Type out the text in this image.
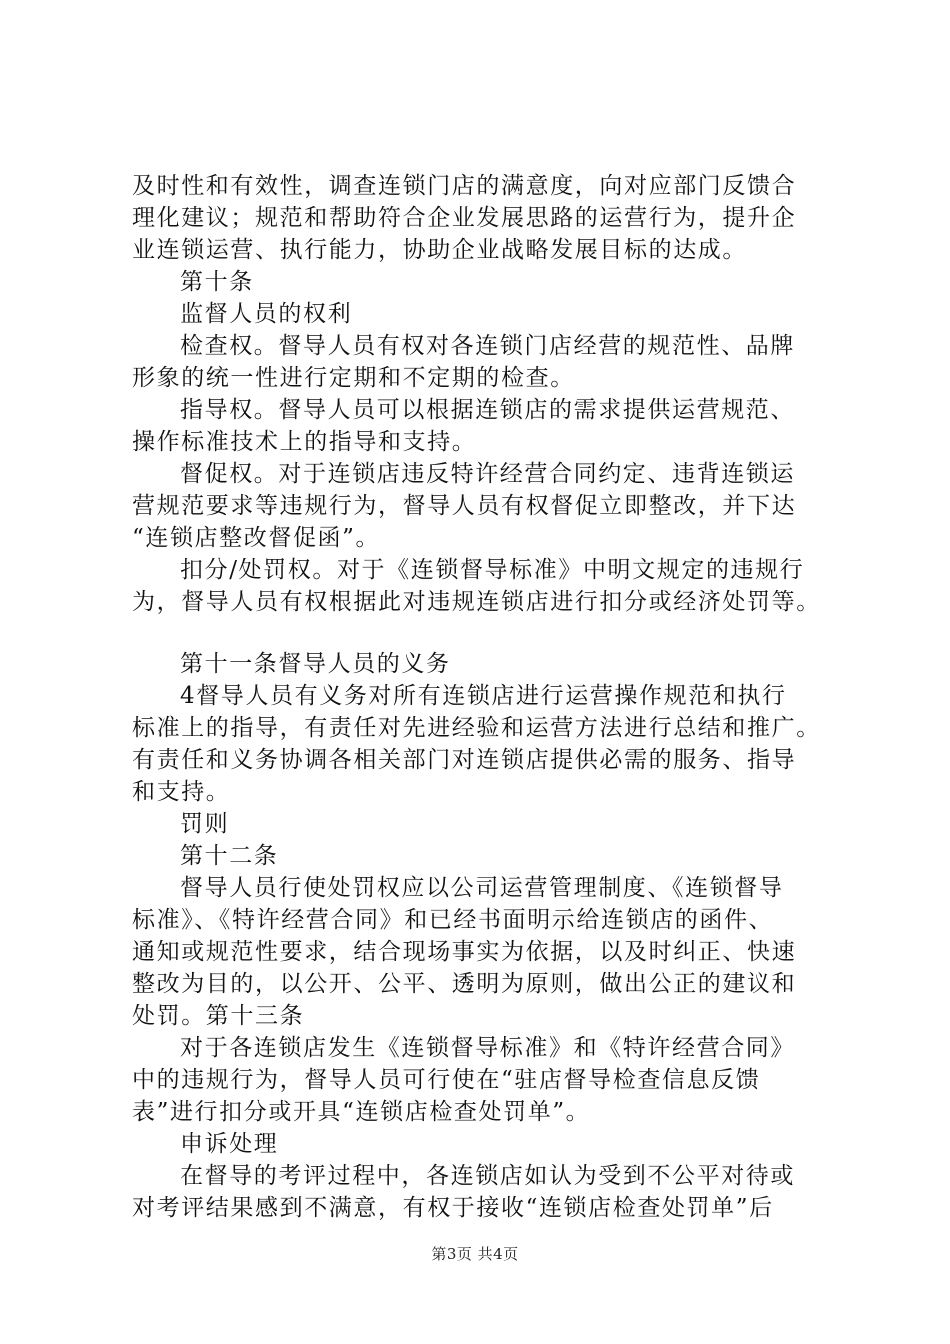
及时性和有效性，调查连锁门店的满意度，向对应部门反馈合
理化建议；规范和帮助符合企业发展思路的运营行为，提升企
业连锁运营、执行能力，协助企业战略发展目标的达成。
第十条
监督人员的权利
检查权。督导人员有权对各连锁门店经营的规范性、品牌
形象的统一性进行定期和不定期的检查。
指导权。督导人员可以根据连锁店的需求提供运营规范、
操作标准技术上的指导和支持。
督促权。对于连锁店违反特许经营合同约定、违背连锁运
营规范要求等违规行为，督导人员有权督促立即整改，并下达
“连锁店整改督促函”。
扣分/处罚权。对于《连锁督导标准》中明文规定的违规行
为，督导人员有权根据此对违规连锁店进行扣分或经济处罚等。
第十一条督导人员的义务
4督导人员有义务对所有连锁店进行运营操作规范和执行
标准上的指导，有责任对先进经验和运营方法进行总结和推广。
有责任和义务协调各相关部门对连锁店提供必需的服务、指导
和支持。
罚则
第十二条
督导人员行使处罚权应以公司运营管理制度、《连锁督导
标准》、《特许经营合同》和已经书面明示给连锁店的函件、
通知或规范性要求，结合现场事实为依据，以及时纠正、快速
整改为目的，以公开、公平、透明为原则，做出公正的建议和
处罚。第十三条
对于各连锁店发生《连锁督导标准》和《特许经营合同》
中的违规行为，督导人员可行使在“驻店督导检查信息反馈
表”进行扣分或开具“连锁店检查处罚单”。
申诉处理
在督导的考评过程中，各连锁店如认为受到不公平对待或
对考评结果感到不满意，有权于接收“连锁店检查处罚单”后
第3页 共4页
